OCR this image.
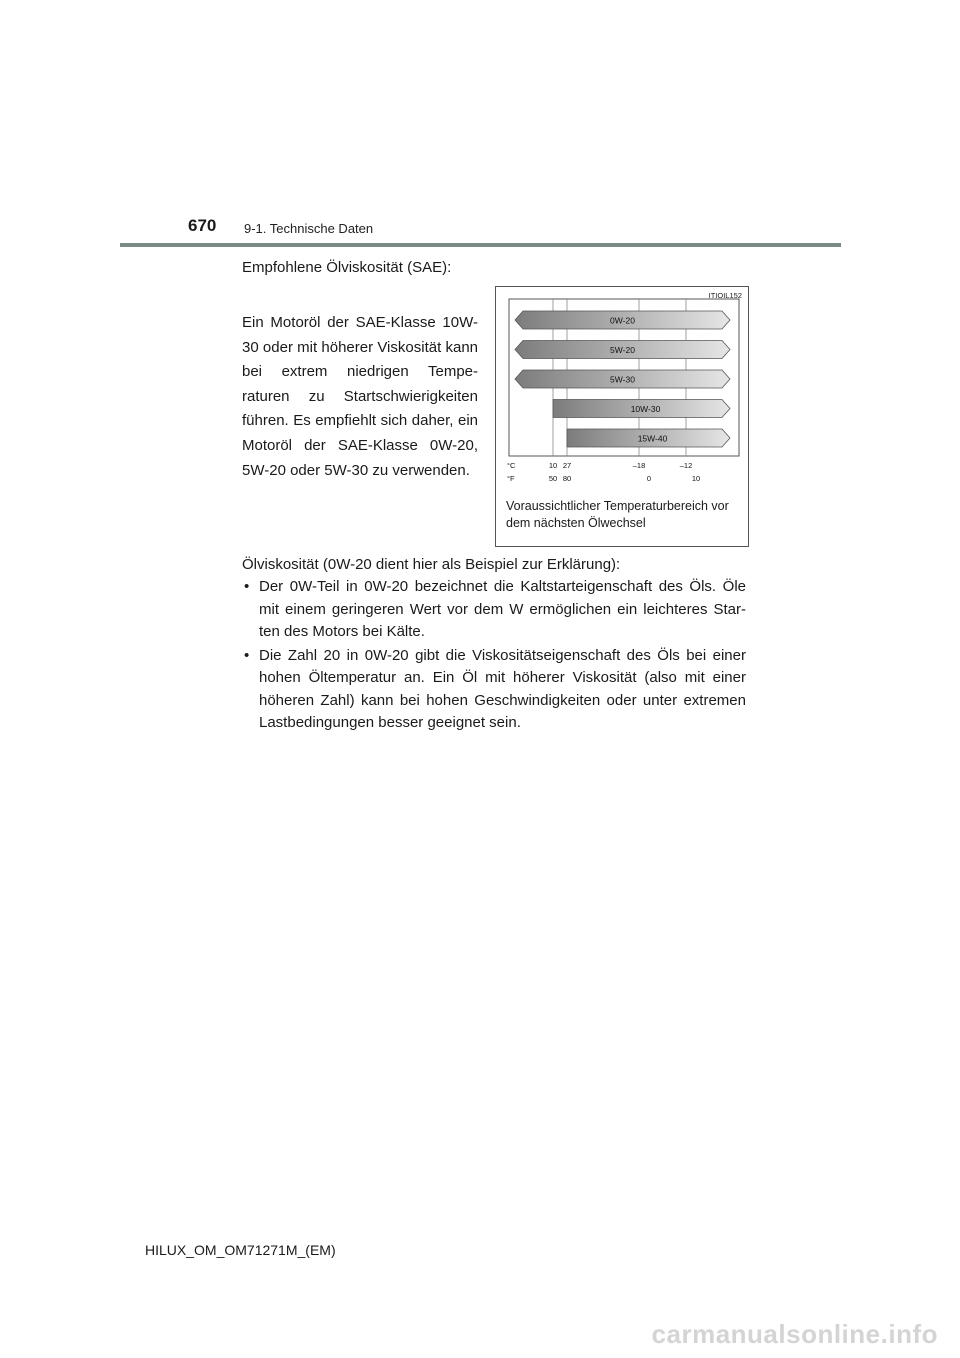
670 9-1. Technische Daten
Empfohlene Ölviskosität (SAE):

Ein Motoröl der SAE-Klasse 10W-30 oder mit höherer Viskosität kann bei extrem niedrigen Tempe-raturen zu Startschwierigkeiten führen. Es empfiehlt sich daher, ein Motoröl der SAE-Klasse 0W-20, 5W-20 oder 5W-30 zu verwenden.

0W-20
5W-20
5W-30
10W-30
15W-40
°C
°F
–18	–12
10 27
0	10
50 80
Voraussichtlicher Temperaturbereich vor dem nächsten Ölwechsel
ITIOIL152
Ölviskosität (0W-20 dient hier als Beispiel zur Erklärung):
• Der 0W-Teil in 0W-20 bezeichnet die Kaltstarteigenschaft des Öls. Öle mit einem geringeren Wert vor dem W ermöglichen ein leichteres Star-ten des Motors bei Kälte.
• Die Zahl 20 in 0W-20 gibt die Viskositätseigenschaft des Öls bei einer hohen Öltemperatur an. Ein Öl mit höherer Viskosität (also mit einer höheren Zahl) kann bei hohen Geschwindigkeiten oder unter extremen Lastbedingungen besser geeignet sein.
HILUX_OM_OM71271M_(EM)
carmanualsonline.info
